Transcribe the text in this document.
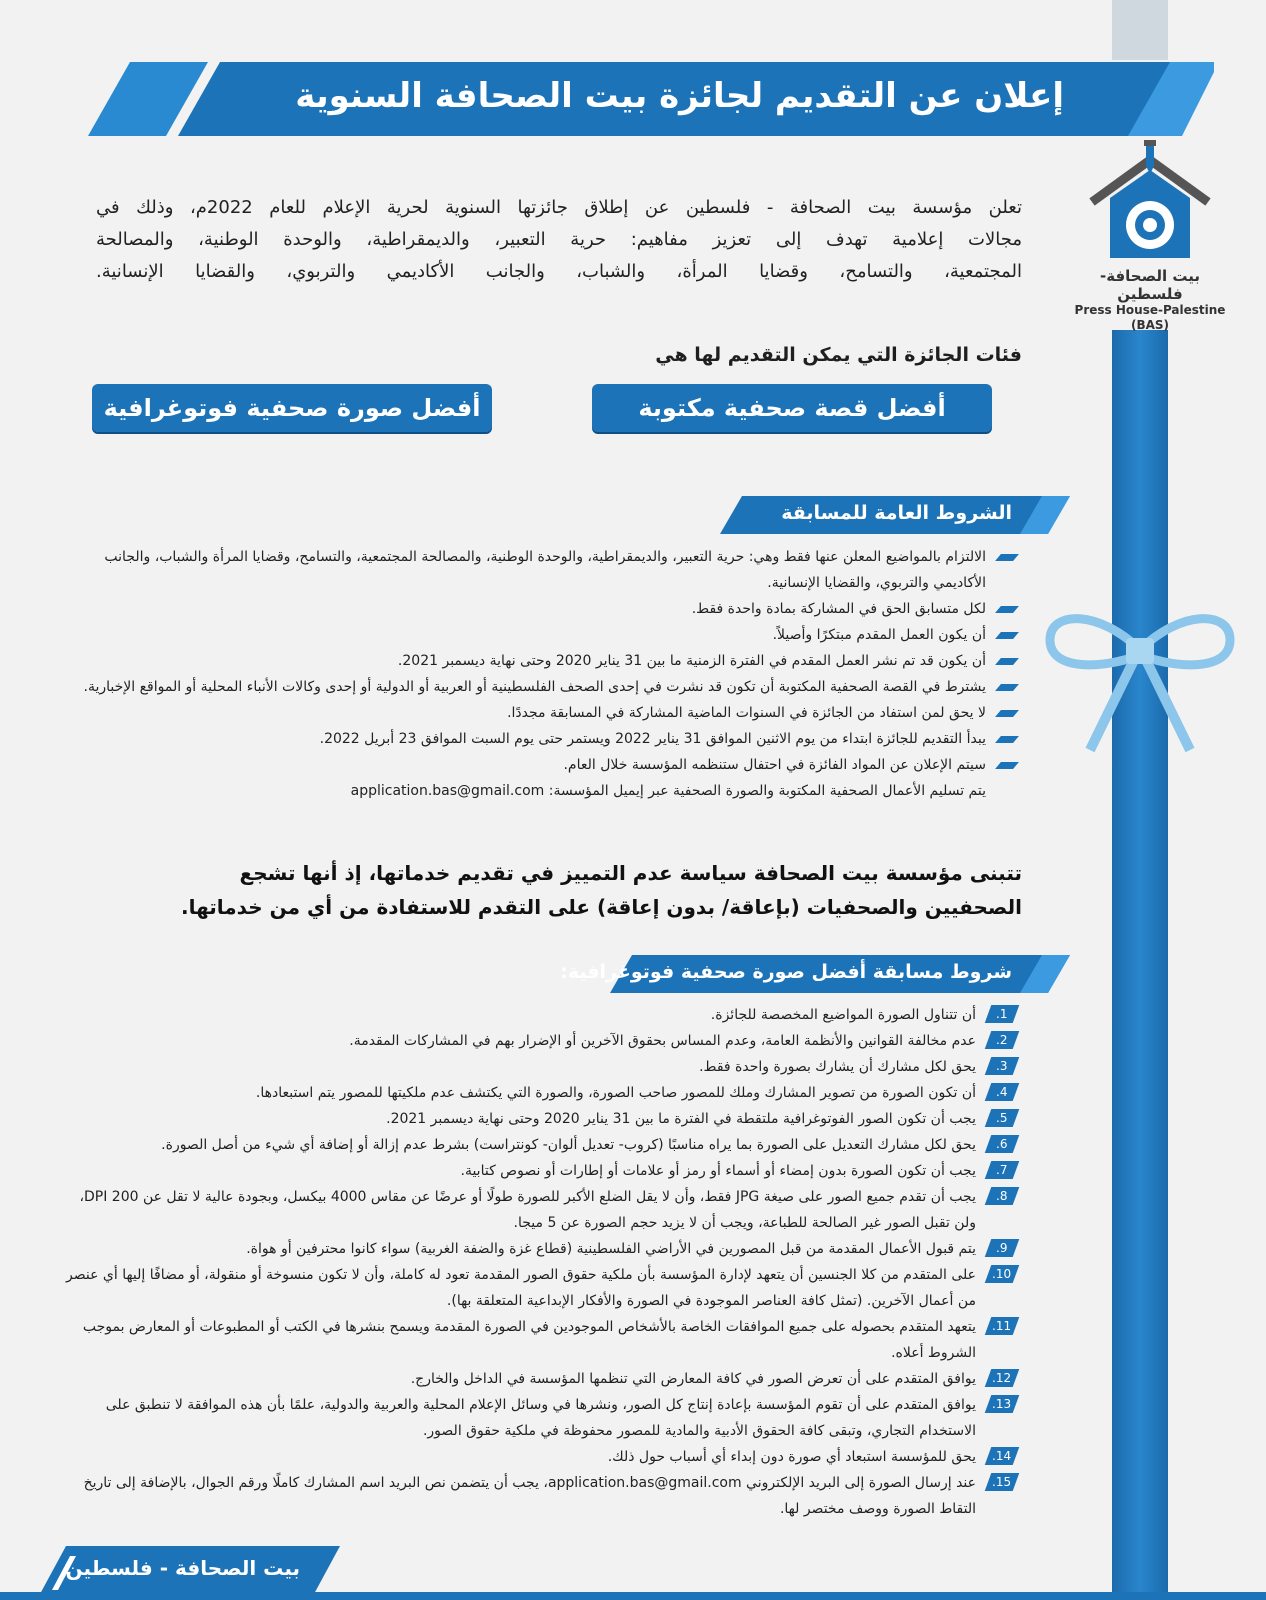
بيت الصحافة-فلسطين
Press House-Palestine
(BAS)
إعلان عن التقديم لجائزة بيت الصحافة السنوية
تعلن مؤسسة بيت الصحافة - فلسطين عن إطلاق جائزتها السنوية لحرية الإعلام للعام 2022م، وذلك في
مجالات إعلامية تهدف إلى تعزيز مفاهيم: حرية التعبير، والديمقراطية، والوحدة الوطنية، والمصالحة
المجتمعية، والتسامح، وقضايا المرأة، والشباب، والجانب الأكاديمي والتربوي، والقضايا الإنسانية.
فئات الجائزة التي يمكن التقديم لها هي
أفضل قصة صحفية مكتوبة
أفضل صورة صحفية فوتوغرافية
الشروط العامة للمسابقة
الالتزام بالمواضيع المعلن عنها فقط وهي: حرية التعبير، والديمقراطية، والوحدة الوطنية، والمصالحة المجتمعية، والتسامح، وقضايا المرأة والشباب، والجانب الأكاديمي والتربوي، والقضايا الإنسانية.
لكل متسابق الحق في المشاركة بمادة واحدة فقط.
أن يكون العمل المقدم مبتكرًا وأصيلاً.
أن يكون قد تم نشر العمل المقدم في الفترة الزمنية ما بين 31 يناير 2020 وحتى نهاية ديسمبر 2021.
يشترط في القصة الصحفية المكتوبة أن تكون قد نشرت في إحدى الصحف الفلسطينية أو العربية أو الدولية أو إحدى وكالات الأنباء المحلية أو المواقع الإخبارية.
لا يحق لمن استفاد من الجائزة في السنوات الماضية المشاركة في المسابقة مجددًا.
يبدأ التقديم للجائزة ابتداء من يوم الاثنين الموافق 31 يناير 2022 ويستمر حتى يوم السبت الموافق 23 أبريل 2022.
سيتم الإعلان عن المواد الفائزة في احتفال ستنظمه المؤسسة خلال العام.
يتم تسليم الأعمال الصحفية المكتوبة والصورة الصحفية عبر إيميل المؤسسة: application.bas@gmail.com
تتبنى مؤسسة بيت الصحافة سياسة عدم التمييز في تقديم خدماتها، إذ أنها تشجع
الصحفيين والصحفيات (بإعاقة/ بدون إعاقة) على التقدم للاستفادة من أي من خدماتها.
شروط مسابقة أفضل صورة صحفية فوتوغرافية:
1.
أن تتناول الصورة المواضيع المخصصة للجائزة.
2.
عدم مخالفة القوانين والأنظمة العامة، وعدم المساس بحقوق الآخرين أو الإضرار بهم في المشاركات المقدمة.
3.
يحق لكل مشارك أن يشارك بصورة واحدة فقط.
4.
أن تكون الصورة من تصوير المشارك وملك للمصور صاحب الصورة، والصورة التي يكتشف عدم ملكيتها للمصور يتم استبعادها.
5.
يجب أن تكون الصور الفوتوغرافية ملتقطة في الفترة ما بين 31 يناير 2020 وحتى نهاية ديسمبر 2021.
6.
يحق لكل مشارك التعديل على الصورة بما يراه مناسبًا (كروب- تعديل ألوان- كونتراست) بشرط عدم إزالة أو إضافة أي شيء من أصل الصورة.
7.
يجب أن تكون الصورة بدون إمضاء أو أسماء أو رمز أو علامات أو إطارات أو نصوص كتابية.
8.
يجب أن تقدم جميع الصور على صيغة JPG فقط، وأن لا يقل الضلع الأكبر للصورة طولًا أو عرضًا عن مقاس 4000 بيكسل، وبجودة عالية لا تقل عن 200 DPI، ولن تقبل الصور غير الصالحة للطباعة، ويجب أن لا يزيد حجم الصورة عن 5 ميجا.
9.
يتم قبول الأعمال المقدمة من قبل المصورين في الأراضي الفلسطينية (قطاع غزة والضفة الغربية) سواء كانوا محترفين أو هواة.
10.
على المتقدم من كلا الجنسين أن يتعهد لإدارة المؤسسة بأن ملكية حقوق الصور المقدمة تعود له كاملة، وأن لا تكون منسوخة أو منقولة، أو مضافًا إليها أي عنصر من أعمال الآخرين. (تمثل كافة العناصر الموجودة في الصورة والأفكار الإبداعية المتعلقة بها).
11.
يتعهد المتقدم بحصوله على جميع الموافقات الخاصة بالأشخاص الموجودين في الصورة المقدمة ويسمح بنشرها في الكتب أو المطبوعات أو المعارض بموجب الشروط أعلاه.
12.
يوافق المتقدم على أن تعرض الصور في كافة المعارض التي تنظمها المؤسسة في الداخل والخارج.
13.
يوافق المتقدم على أن تقوم المؤسسة بإعادة إنتاج كل الصور، ونشرها في وسائل الإعلام المحلية والعربية والدولية، علمًا بأن هذه الموافقة لا تنطبق على الاستخدام التجاري، وتبقى كافة الحقوق الأدبية والمادية للمصور محفوظة في ملكية حقوق الصور.
14.
يحق للمؤسسة استبعاد أي صورة دون إبداء أي أسباب حول ذلك.
15.
عند إرسال الصورة إلى البريد الإلكتروني application.bas@gmail.com، يجب أن يتضمن نص البريد اسم المشارك كاملًا ورقم الجوال، بالإضافة إلى تاريخ التقاط الصورة ووصف مختصر لها.
بيت الصحافة - فلسطين
